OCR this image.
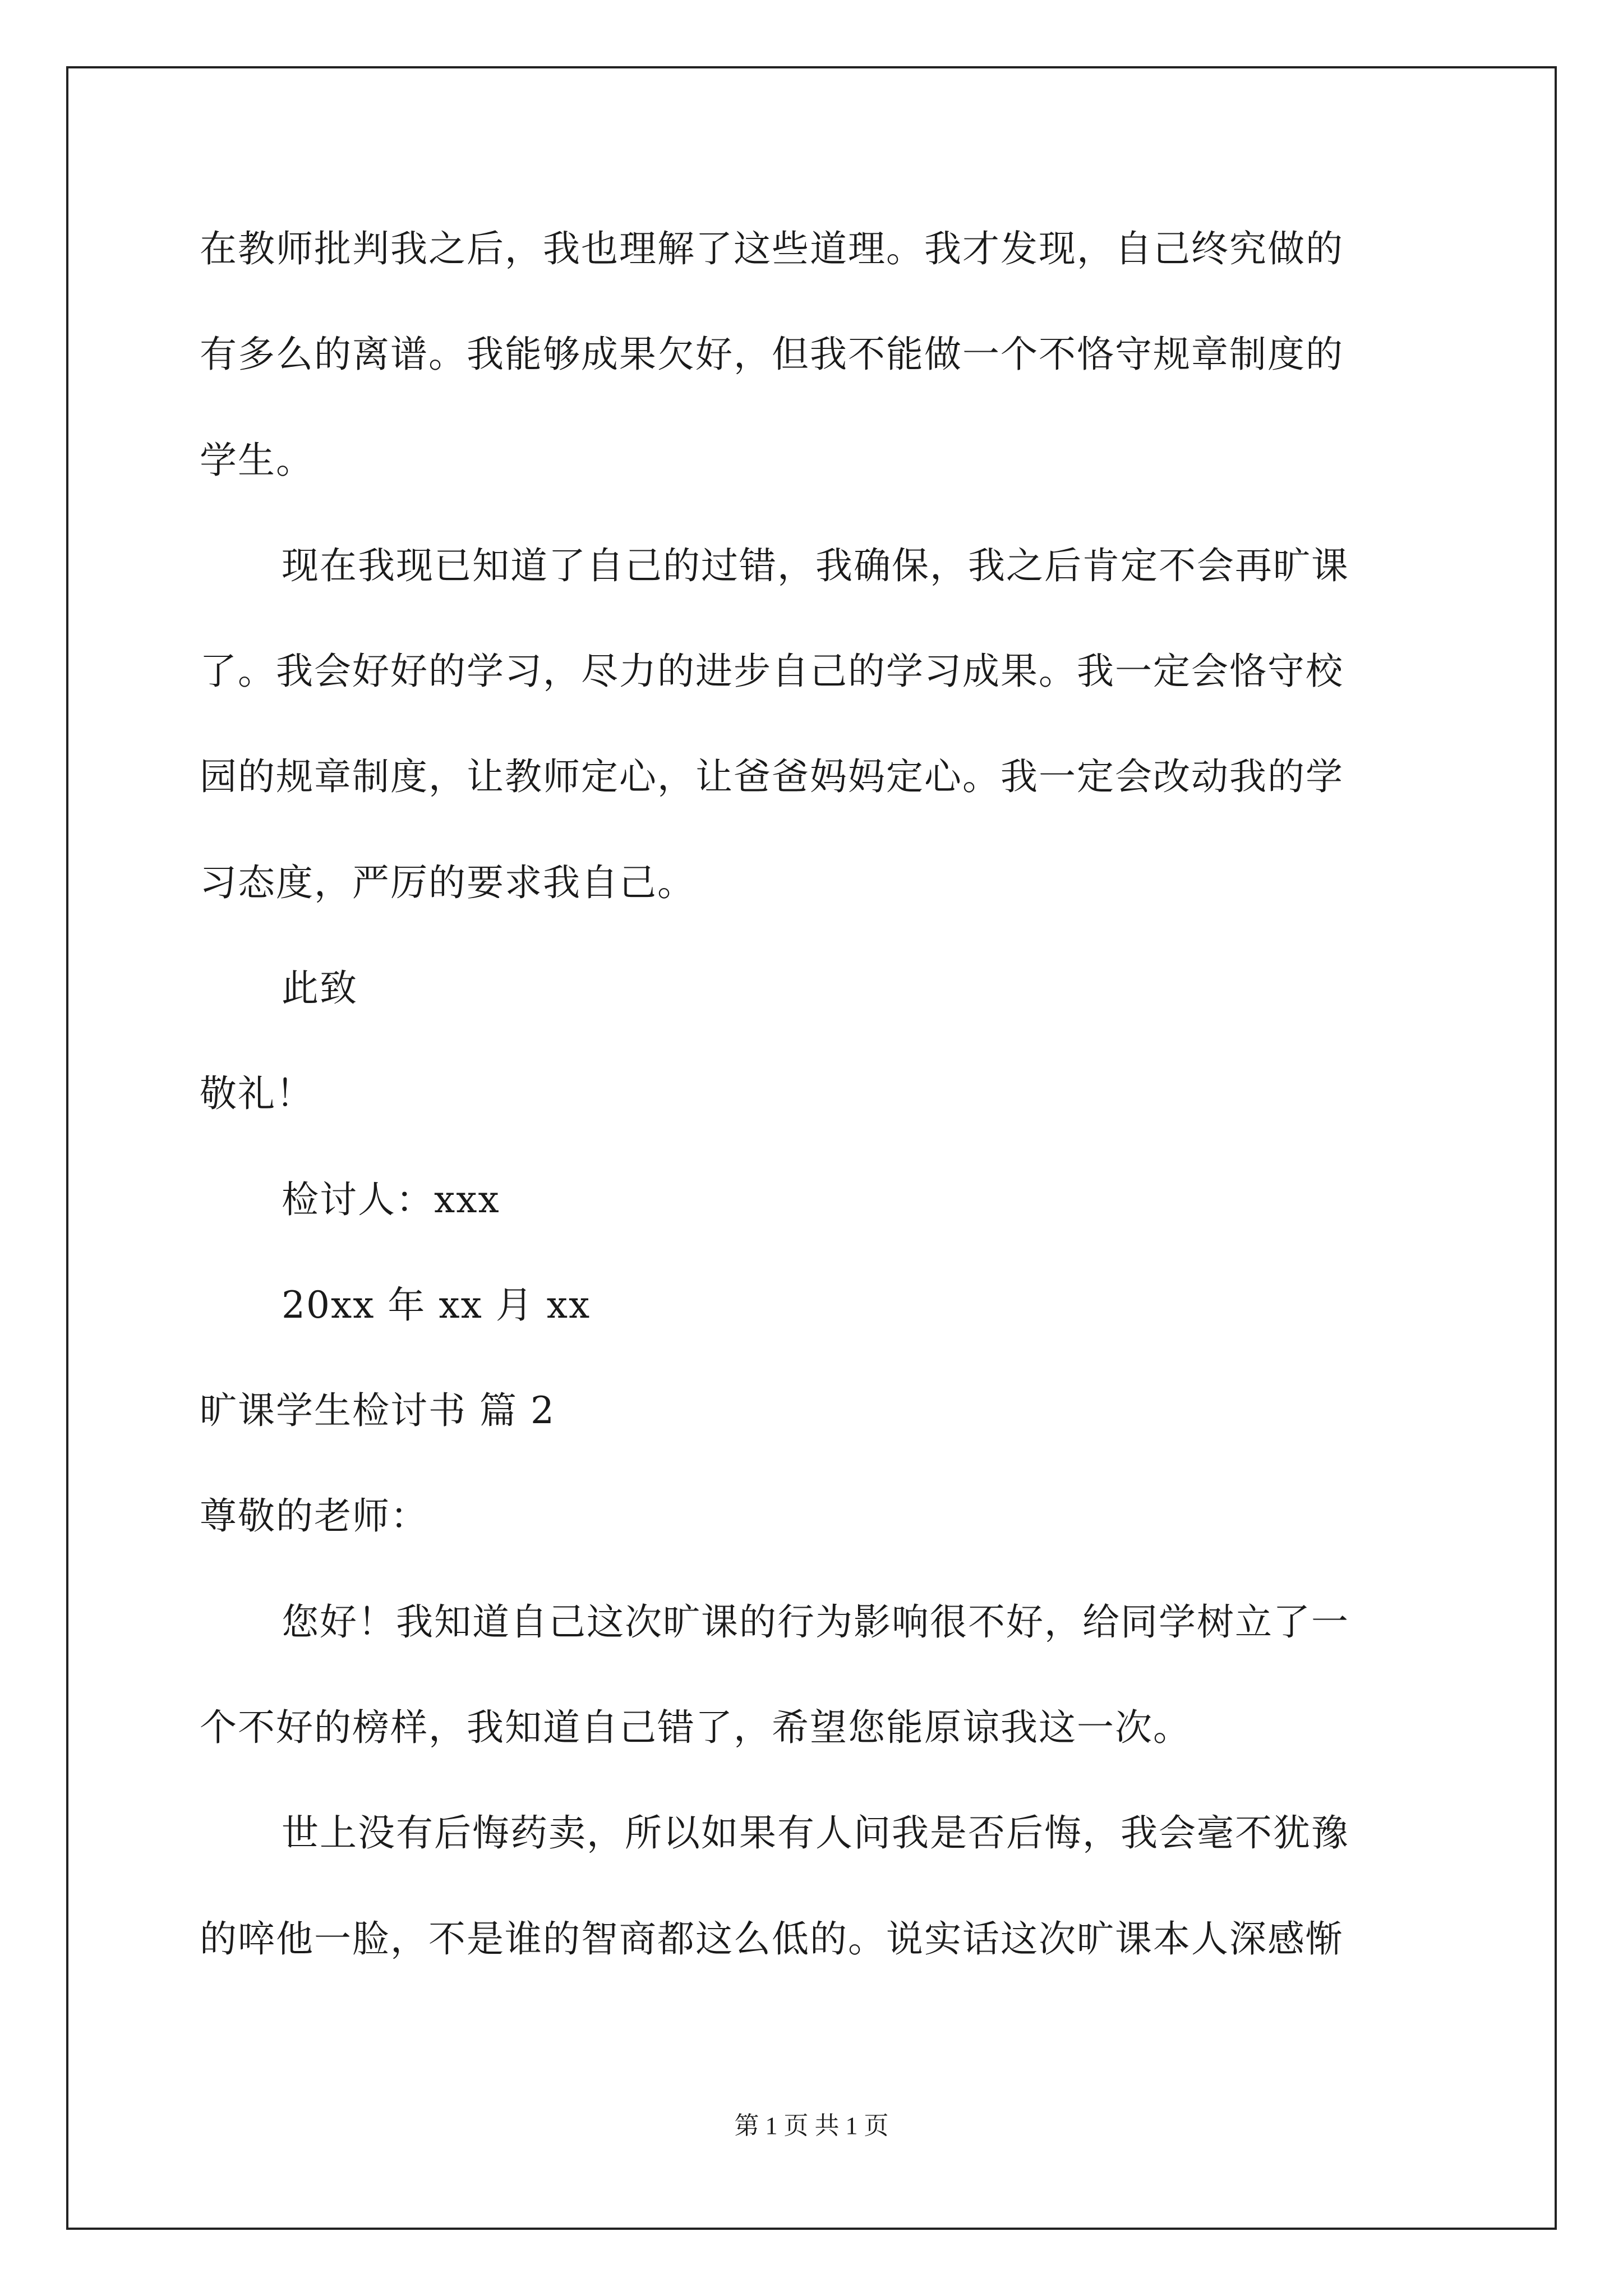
在教师批判我之后，我也理解了这些道理。我才发现，自己终究做的
有多么的离谱。我能够成果欠好，但我不能做一个不恪守规章制度的
学生。
现在我现已知道了自己的过错，我确保，我之后肯定不会再旷课
了。我会好好的学习，尽力的进步自己的学习成果。我一定会恪守校
园的规章制度，让教师定心，让爸爸妈妈定心。我一定会改动我的学
习态度，严厉的要求我自己。
此致
敬礼！
检讨人：xxx
20xx 年 xx 月 xx
旷课学生检讨书 篇 2
尊敬的老师：
您好！我知道自己这次旷课的行为影响很不好，给同学树立了一
个不好的榜样，我知道自己错了，希望您能原谅我这一次。
世上没有后悔药卖，所以如果有人问我是否后悔，我会毫不犹豫
的啐他一脸，不是谁的智商都这么低的。说实话这次旷课本人深感惭
第 1 页 共 1 页
